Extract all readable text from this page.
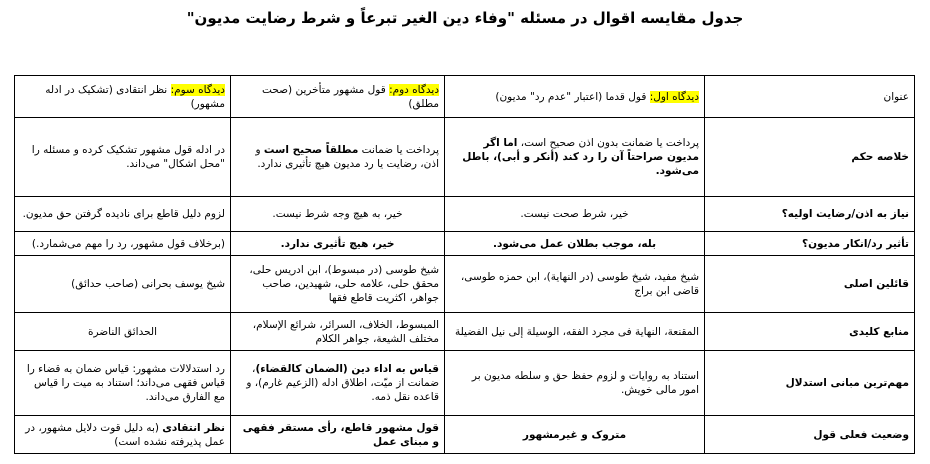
جدول مقایسه اقوال در مسئله "وفاء دین الغیر تبرعاً و شرط رضایت مدیون"
عنوان	دیدگاه اول: قول قدما (اعتبار "عدم رد" مدیون)	دیدگاه دوم: قول مشهور متأخرین (صحت مطلق)	دیدگاه سوم: نظر انتقادی (تشکیک در ادله مشهور)
خلاصه حکم	پرداخت یا ضمانت بدون اذن صحیح است، اما اگر مدیون صراحتاً آن را رد کند (أنکر و أبی)، باطل می‌شود.	پرداخت یا ضمانت مطلقاً صحیح است و اذن، رضایت یا رد مدیون هیچ تأثیری ندارد.	در ادله قول مشهور تشکیک کرده و مسئله را "محل اشکال" می‌داند.
نیاز به اذن/رضایت اولیه؟	خیر، شرط صحت نیست.	خیر، به هیچ وجه شرط نیست.	لزوم دلیل قاطع برای نادیده گرفتن حق مدیون.
تأثیر رد/انکار مدیون؟	بله، موجب بطلان عمل می‌شود.	خیر، هیچ تأثیری ندارد.	(برخلاف قول مشهور، رد را مهم می‌شمارد.)
قائلین اصلی	شیخ مفید، شیخ طوسی (در النهایة)، ابن حمزه طوسی، قاضی ابن براج	شیخ طوسی (در مبسوط)، ابن ادریس حلی، محقق حلی، علامه حلی، شهیدین، صاحب جواهر، اکثریت قاطع فقها	شیخ یوسف بحرانی (صاحب حدائق)
منابع کلیدی	المقنعة، النهایة فی مجرد الفقه، الوسیلة إلی نیل الفضیلة	المبسوط، الخلاف، السرائر، شرائع الإسلام، مختلف الشیعة، جواهر الکلام	الحدائق الناضرة
مهم‌ترین مبانی استدلال	استناد به روایات و لزوم حفظ حق و سلطه مدیون بر امور مالی خویش.	قیاس به اداء دین (الضمان کالقضاء)، ضمانت از میّت، اطلاق ادله (الزعیم غارم)، و قاعده نقل ذمه.	رد استدلالات مشهور: قیاس ضمان به قضاء را قیاس فقهی می‌داند؛ استناد به میت را قیاس مع الفارق می‌داند.
وضعیت فعلی قول	متروک و غیرمشهور	قول مشهور قاطع، رأی مستقر فقهی و مبنای عمل	نظر انتقادی (به دلیل قوت دلایل مشهور، در عمل پذیرفته نشده است)
